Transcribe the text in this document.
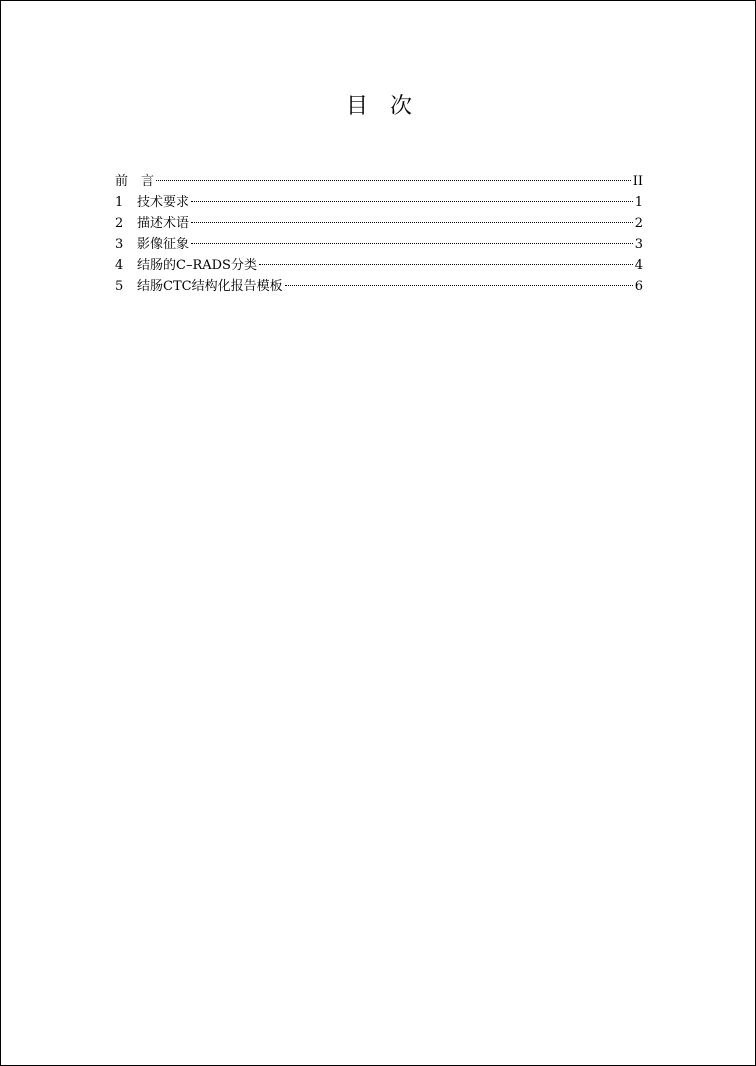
目　次
前　言	II
1	技术要求	1
2	描述术语	2
3	影像征象	3
4	结肠的C–RADS分类	4
5	结肠CTC结构化报告模板	6
